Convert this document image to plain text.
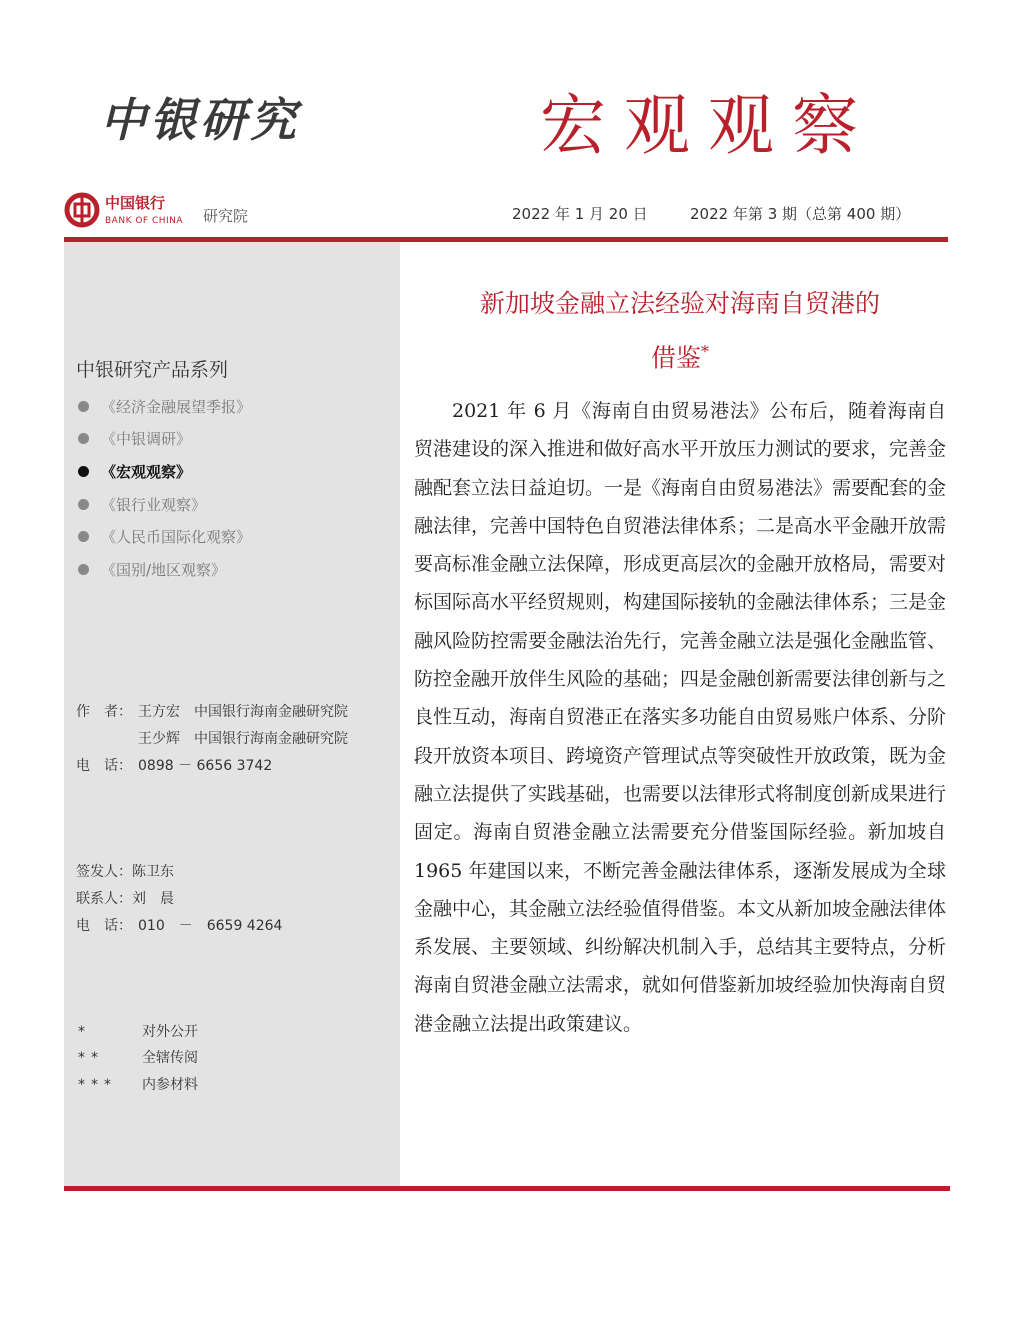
中银研究	宏观观察
中国银行
BANK OF CHINA 研究院	2022 年 1 月 20 日	2022 年第 3 期（总第 400 期）
中银研究产品系列
《经济金融展望季报》
《中银调研》
《宏观观察》
《银行业观察》
《人民币国际化观察》
《国别/地区观察》
作　者： 王方宏 中国银行海南金融研究院
王少辉 中国银行海南金融研究院
电　话： 0898 － 6656 3742
签发人：陈卫东
联系人：刘　晨
电　话： 010　－　6659 4264
*	对外公开
**	全辖传阅
*** 内参材料
新加坡金融立法经验对海南自贸港的
借鉴*

2021 年 6 月《海南自由贸易港法》公布后，随着海南自贸港建设的深入推进和做好高水平开放压力测试的要求，完善金融配套立法日益迫切。一是《海南自由贸易港法》需要配套的金融法律，完善中国特色自贸港法律体系；二是高水平金融开放需要高标准金融立法保障，形成更高层次的金融开放格局，需要对标国际高水平经贸规则，构建国际接轨的金融法律体系；三是金融风险防控需要金融法治先行，完善金融立法是强化金融监管、防控金融开放伴生风险的基础；四是金融创新需要法律创新与之良性互动，海南自贸港正在落实多功能自由贸易账户体系、分阶段开放资本项目、跨境资产管理试点等突破性开放政策，既为金融立法提供了实践基础，也需要以法律形式将制度创新成果进行固定。海南自贸港金融立法需要充分借鉴国际经验。新加坡自 1965 年建国以来，不断完善金融法律体系，逐渐发展成为全球金融中心，其金融立法经验值得借鉴。本文从新加坡金融法律体系发展、主要领域、纠纷解决机制入手，总结其主要特点，分析海南自贸港金融立法需求，就如何借鉴新加坡经验加快海南自贸港金融立法提出政策建议。
